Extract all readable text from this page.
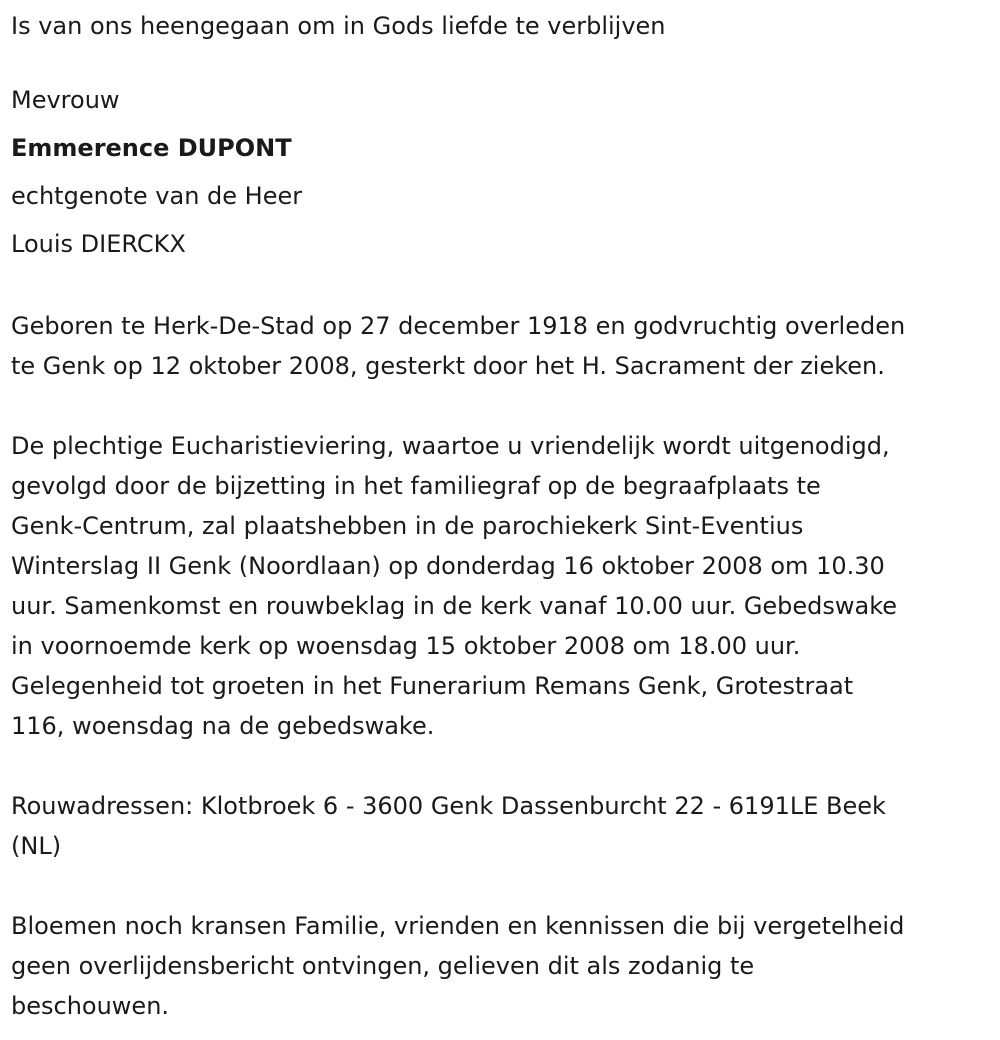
Is van ons heengegaan om in Gods liefde te verblijven
Mevrouw
Emmerence DUPONT
echtgenote van de Heer
Louis DIERCKX
Geboren te Herk-De-Stad op 27 december 1918 en godvruchtig overleden
te Genk op 12 oktober 2008, gesterkt door het H. Sacrament der zieken.
De plechtige Eucharistieviering, waartoe u vriendelijk wordt uitgenodigd,
gevolgd door de bijzetting in het familiegraf op de begraafplaats te
Genk-Centrum, zal plaatshebben in de parochiekerk Sint-Eventius
Winterslag II Genk (Noordlaan) op donderdag 16 oktober 2008 om 10.30
uur. Samenkomst en rouwbeklag in de kerk vanaf 10.00 uur. Gebedswake
in voornoemde kerk op woensdag 15 oktober 2008 om 18.00 uur.
Gelegenheid tot groeten in het Funerarium Remans Genk, Grotestraat
116, woensdag na de gebedswake.
Rouwadressen: Klotbroek 6 - 3600 Genk Dassenburcht 22 - 6191LE Beek
(NL)
Bloemen noch kransen Familie, vrienden en kennissen die bij vergetelheid
geen overlijdensbericht ontvingen, gelieven dit als zodanig te
beschouwen.
